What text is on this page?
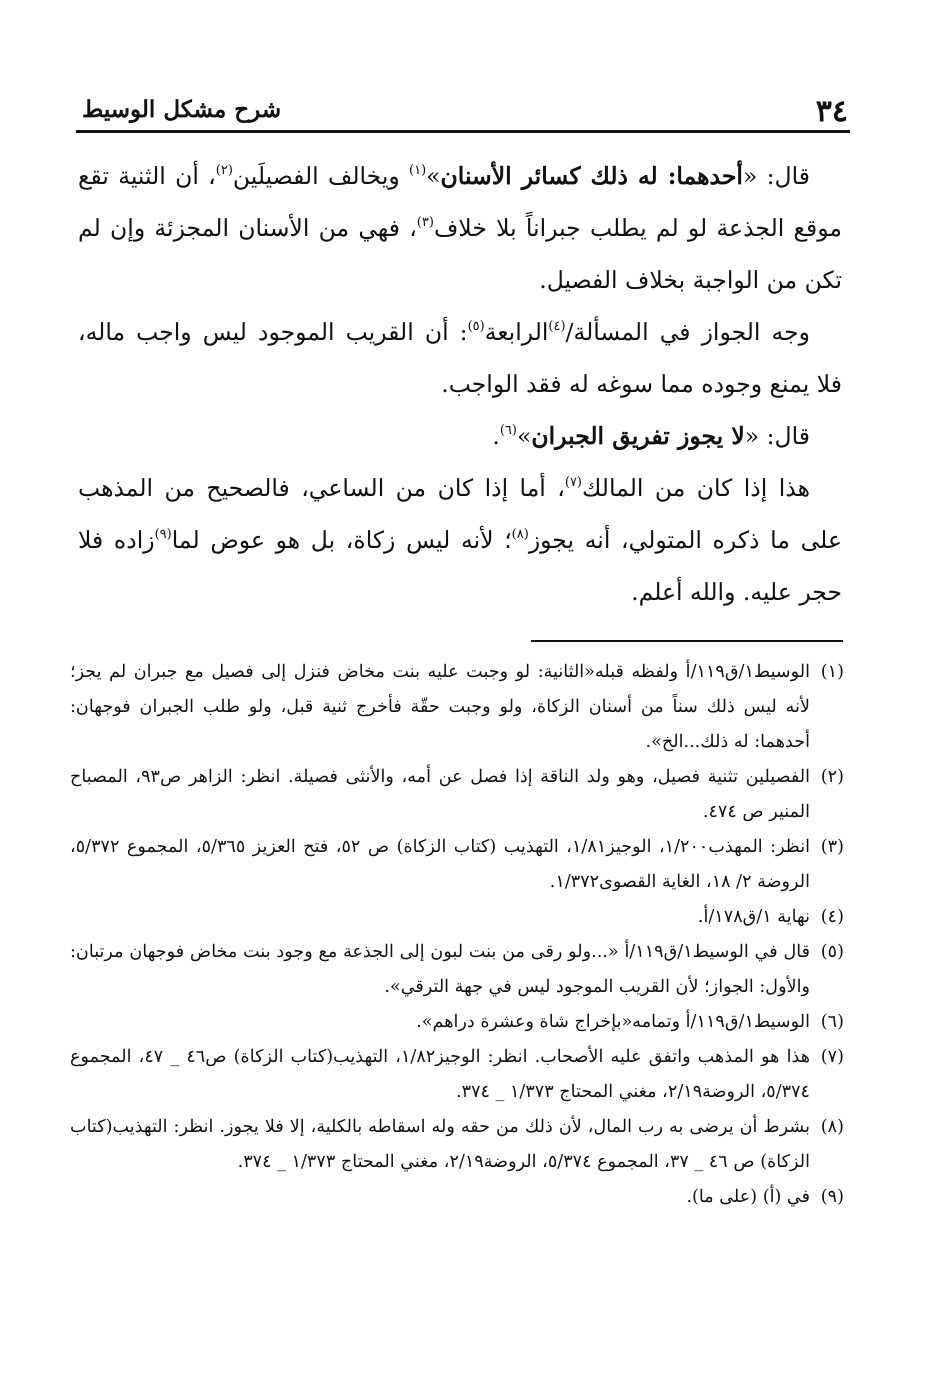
٣٤
شرح مشكل الوسيط

قال: «أحدهما: له ذلك كسائر الأسنان»$^{(١)}$ ويخالف الفصيلَين$^{(٢)}$، أن الثنية تقع موقع الجذعة لو لم يطلب جبراناً بلا خلاف$^{(٣)}$، فهي من الأسنان المجزئة وإن لم تكن من الواجبة بخلاف الفصيل.

وجه الجواز في المسألة/$^{(٤)}$الرابعة$^{(٥)}$: أن القريب الموجود ليس واجب ماله، فلا يمنع وجوده مما سوغه له فقد الواجب.

قال: «لا يجوز تفريق الجبران»$^{(٦)}$.

هذا إذا كان من المالك$^{(٧)}$، أما إذا كان من الساعي، فالصحيح من المذهب على ما ذكره المتولي، أنه يجوز$^{(٨)}$؛ لأنه ليس زكاة، بل هو عوض لما$^{(٩)}$زاده فلا حجر عليه. والله أعلم.

(١)
الوسيط١/ق١١٩/أ ولفظه قبله«الثانية: لو وجبت عليه بنت مخاض فنزل إلى فصيل مع جبران لم يجز؛ لأنه ليس ذلك سناً من أسنان الزكاة، ولو وجبت حقّة فأخرج ثنية قبل، ولو طلب الجبران فوجهان: أحدهما: له ذلك...الخ».

(٢)
الفصيلين تثنية فصيل، وهو ولد الناقة إذا فصل عن أمه، والأنثى فصيلة. انظر: الزاهر ص٩٣، المصباح المنير ص ٤٧٤.

(٣)
انظر: المهذب١/٢٠٠، الوجيز١/٨١، التهذيب (كتاب الزكاة) ص ٥٢، فتح العزيز ٥/٣٦٥، المجموع ٥/٣٧٢، الروضة ٢/ ١٨، الغاية القصوى١/٣٧٢.

(٤)
نهاية ١/ق١٧٨/أ.

(٥)
قال في الوسيط١/ق١١٩/أ «...ولو رقى من بنت لبون إلى الجذعة مع وجود بنت مخاض فوجهان مرتبان: والأول: الجواز؛ لأن القريب الموجود ليس في جهة الترقي».

(٦)
الوسيط١/ق١١٩/أ وتمامه«بإخراج شاة وعشرة دراهم».

(٧)
هذا هو المذهب واتفق عليه الأصحاب. انظر: الوجيز١/٨٢، التهذيب(كتاب الزكاة) ص٤٦ _ ٤٧، المجموع ٥/٣٧٤، الروضة٢/١٩، مغني المحتاج ١/٣٧٣ _ ٣٧٤.

(٨)
بشرط أن يرضى به رب المال، لأن ذلك من حقه وله اسقاطه بالكلية، إلا فلا يجوز. انظر: التهذيب(كتاب الزكاة) ص ٤٦ _ ٣٧، المجموع ٥/٣٧٤، الروضة٢/١٩، مغني المحتاج ١/٣٧٣ _ ٣٧٤.

(٩)
في (أ) (على ما).
